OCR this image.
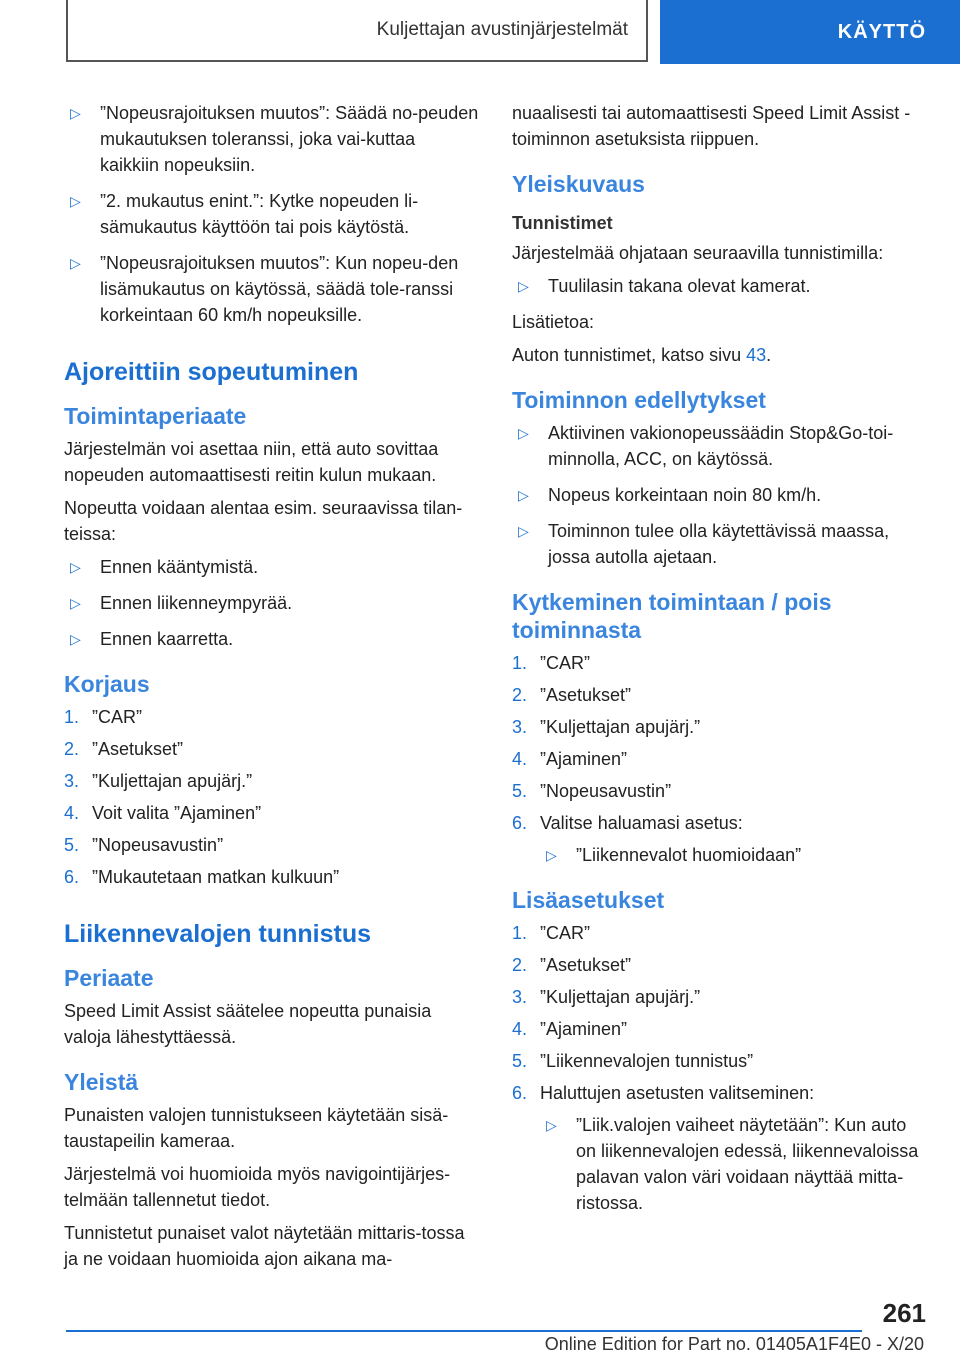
Kuljettajan avustinjärjestelmät	KÄYTTÖ
▷	”Nopeusrajoituksen muutos”: Säädä no-peuden mukautuksen toleranssi, joka vai-kuttaa kaikkiin nopeuksiin.
▷	”2. mukautus enint.”: Kytke nopeuden li-sämukautus käyttöön tai pois käytöstä.
▷	”Nopeusrajoituksen muutos”: Kun nopeu-den lisämukautus on käytössä, säädä tole-ranssi korkeintaan 60 km/h nopeuksille.
Ajoreittiin sopeutuminen
Toimintaperiaate

Järjestelmän voi asettaa niin, että auto sovittaa nopeuden automaattisesti reitin kulun mukaan.

Nopeutta voidaan alentaa esim. seuraavissa tilan-teissa:

▷	Ennen kääntymistä.
▷	Ennen liikenneympyrää.
▷	Ennen kaarretta.
Korjaus
1. ”CAR”
2. ”Asetukset”
3. ”Kuljettajan apujärj.”
4. Voit valita ”Ajaminen”
5. ”Nopeusavustin”
6. ”Mukautetaan matkan kulkuun”
Liikennevalojen tunnistus
Periaate

Speed Limit Assist säätelee nopeutta punaisia valoja lähestyttäessä.

Yleistä

Punaisten valojen tunnistukseen käytetään sisä-taustapeilin kameraa.

Järjestelmä voi huomioida myös navigointijärjes-telmään tallennetut tiedot.

Tunnistetut punaiset valot näytetään mittaris-tossa ja ne voidaan huomioida ajon aikana ma-

nuaalisesti tai automaattisesti Speed Limit Assist -toiminnon asetuksista riippuen.

Yleiskuvaus
Tunnistimet

Järjestelmää ohjataan seuraavilla tunnistimilla:

▷	Tuulilasin takana olevat kamerat.

Lisätietoa:

Auton tunnistimet, katso sivu 43.

Toiminnon edellytykset
▷	Aktiivinen vakionopeussäädin Stop&Go-toi-minnolla, ACC, on käytössä.
▷	Nopeus korkeintaan noin 80 km/h.
▷	Toiminnon tulee olla käytettävissä maassa, jossa autolla ajetaan.
Kytkeminen toimintaan / pois toiminnasta
1. ”CAR”
2. ”Asetukset”
3. ”Kuljettajan apujärj.”
4. ”Ajaminen”
5. ”Nopeusavustin”
6. Valitse haluamasi asetus:
▷	”Liikennevalot huomioidaan”
Lisäasetukset
1. ”CAR”
2. ”Asetukset”
3. ”Kuljettajan apujärj.”
4. ”Ajaminen”
5. ”Liikennevalojen tunnistus”
6. Haluttujen asetusten valitseminen:
▷	”Liik.valojen vaiheet näytetään”: Kun auto on liikennevalojen edessä, liikennevaloissa palavan valon väri voidaan näyttää mitta-ristossa.
261
Online Edition for Part no. 01405A1F4E0 - X/20
